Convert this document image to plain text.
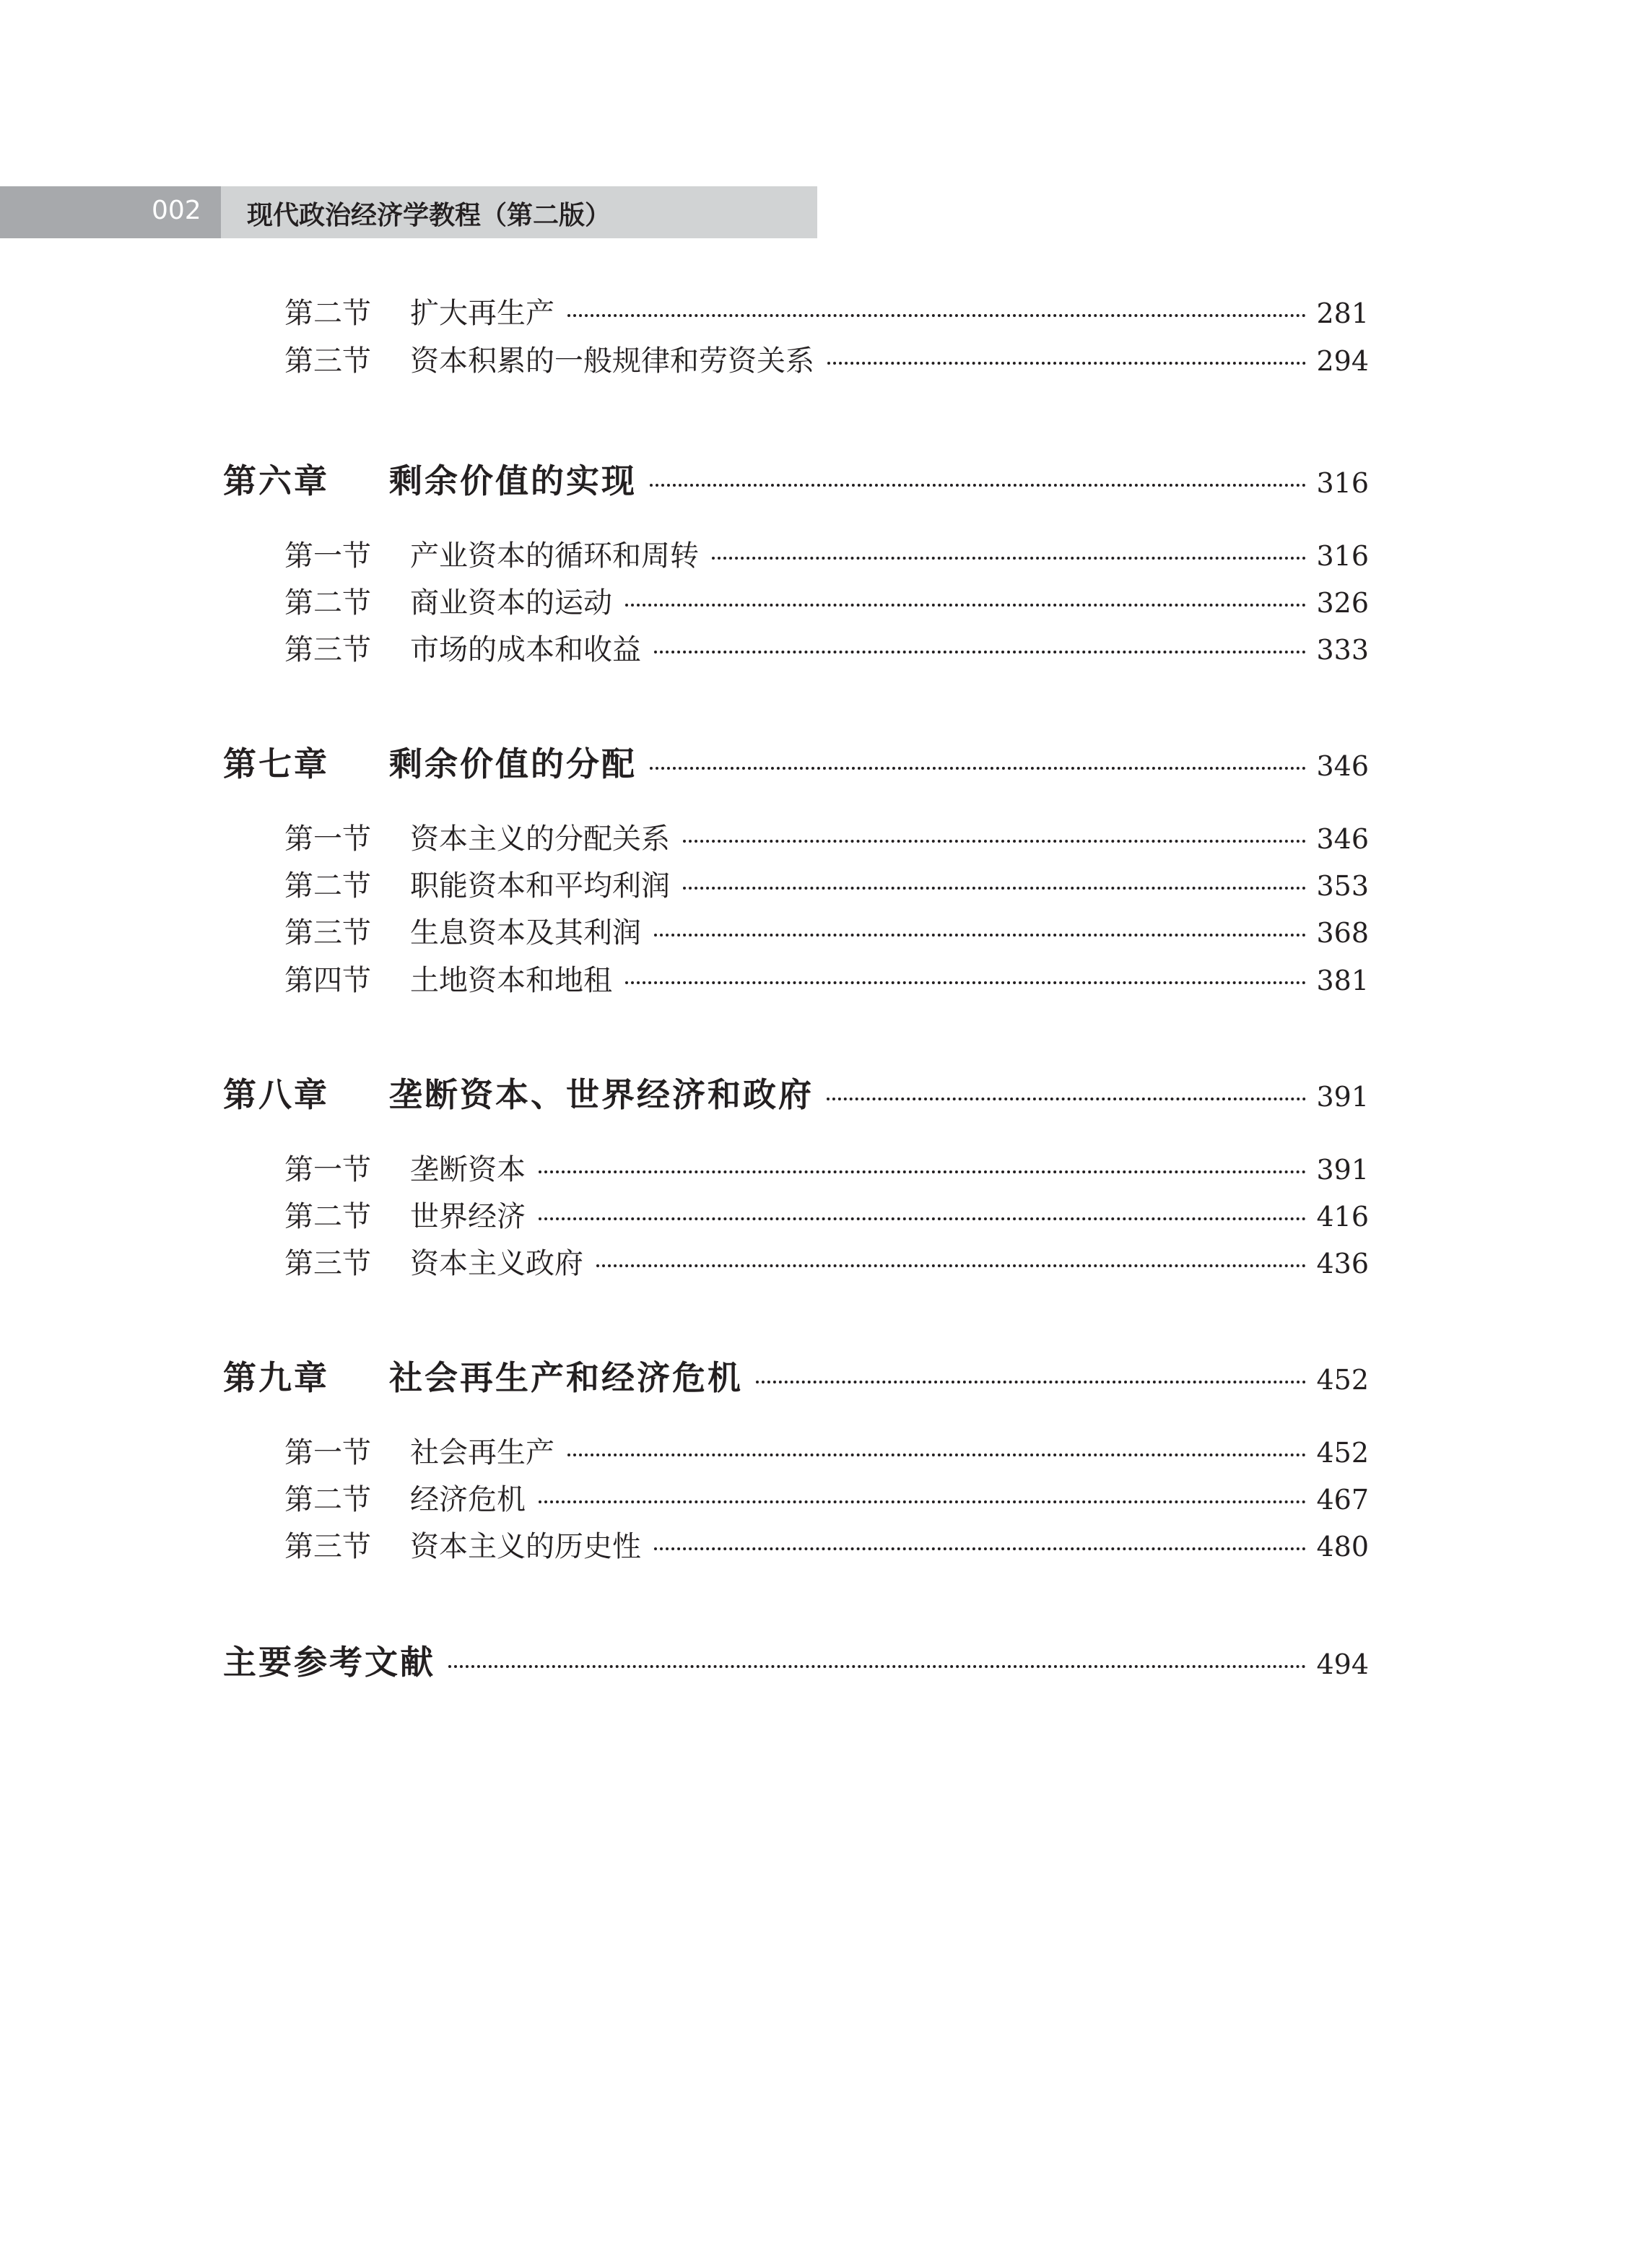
002 现代政治经济学教程（第二版）
第二节	扩大再生产	281
第三节	资本积累的一般规律和劳资关系	294
第六章	剩余价值的实现	316
第一节	产业资本的循环和周转	316
第二节	商业资本的运动	326
第三节	市场的成本和收益	333
第七章	剩余价值的分配	346
第一节	资本主义的分配关系	346
第二节	职能资本和平均利润	353
第三节	生息资本及其利润	368
第四节	土地资本和地租	381
第八章	垄断资本、世界经济和政府	391
第一节	垄断资本	391
第二节	世界经济	416
第三节	资本主义政府	436
第九章	社会再生产和经济危机	452
第一节	社会再生产	452
第二节	经济危机	467
第三节	资本主义的历史性	480
主要参考文献	494
